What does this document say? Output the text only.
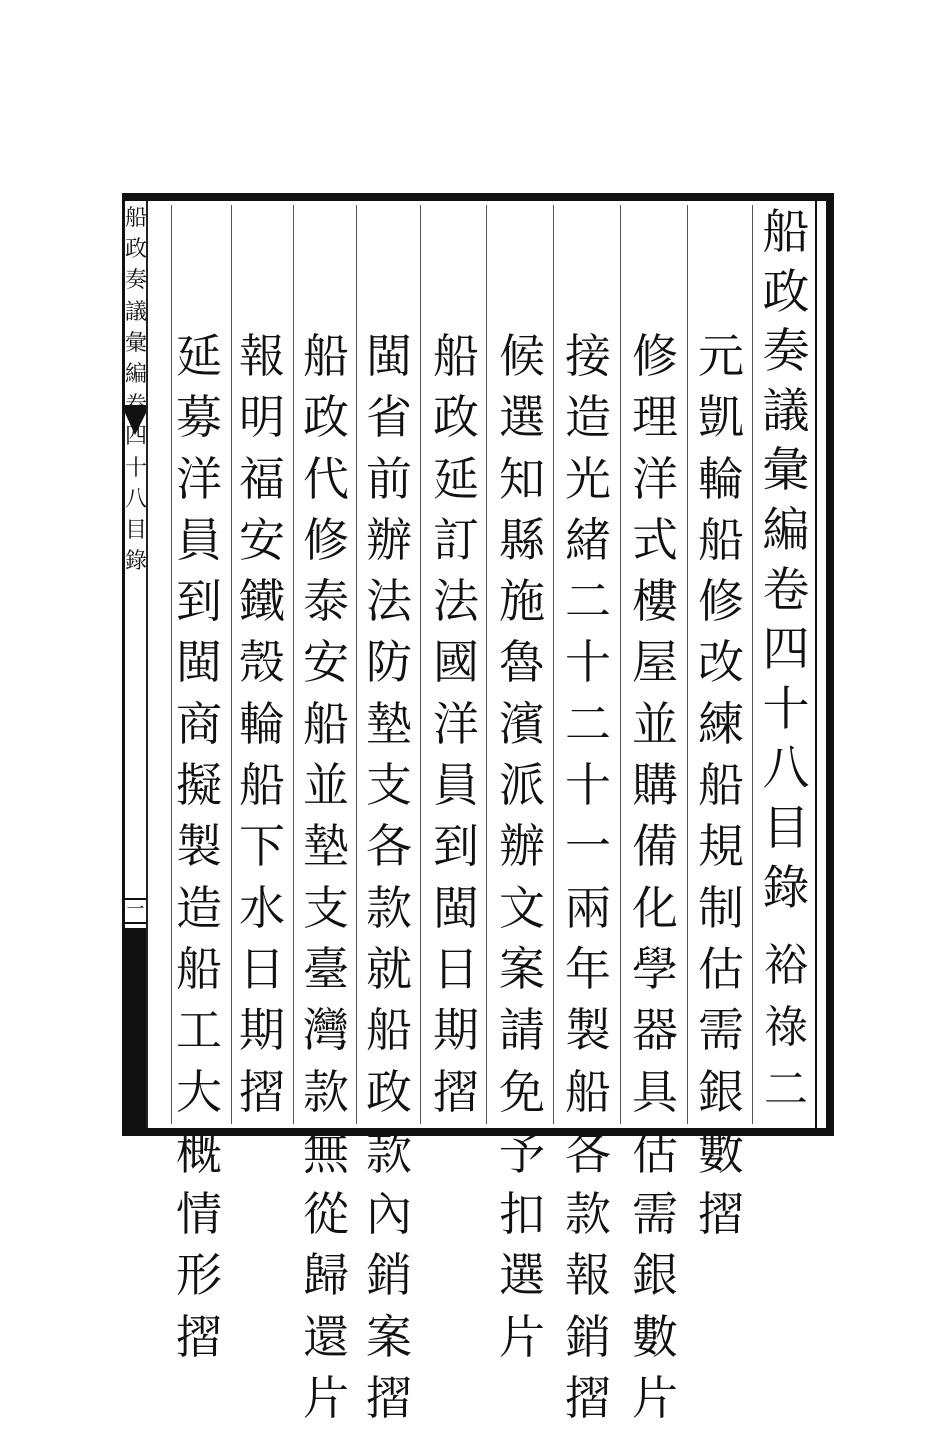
一
船
政
奏
議
彙
編
卷
四
十
八
目
錄
裕
祿
二
船
政
奏
議
彙
編
卷
四
十
八
目
錄
元
凱
輪
船
修
改
練
船
規
制
估
需
銀
數
摺
修
理
洋
式
樓
屋
並
購
備
化
學
器
具
估
需
銀
數
片
接
造
光
緒
二
十
二
十
一
兩
年
製
船
各
款
報
銷
摺
候
選
知
縣
施
魯
濱
派
辦
文
案
請
免
予
扣
選
片
船
政
延
訂
法
國
洋
員
到
閩
日
期
摺
閩
省
前
辦
法
防
墊
支
各
款
就
船
政
款
內
銷
案
摺
船
政
代
修
泰
安
船
並
墊
支
臺
灣
款
無
從
歸
還
片
報
明
福
安
鐵
殼
輪
船
下
水
日
期
摺
延
募
洋
員
到
閩
商
擬
製
造
船
工
大
概
情
形
摺
